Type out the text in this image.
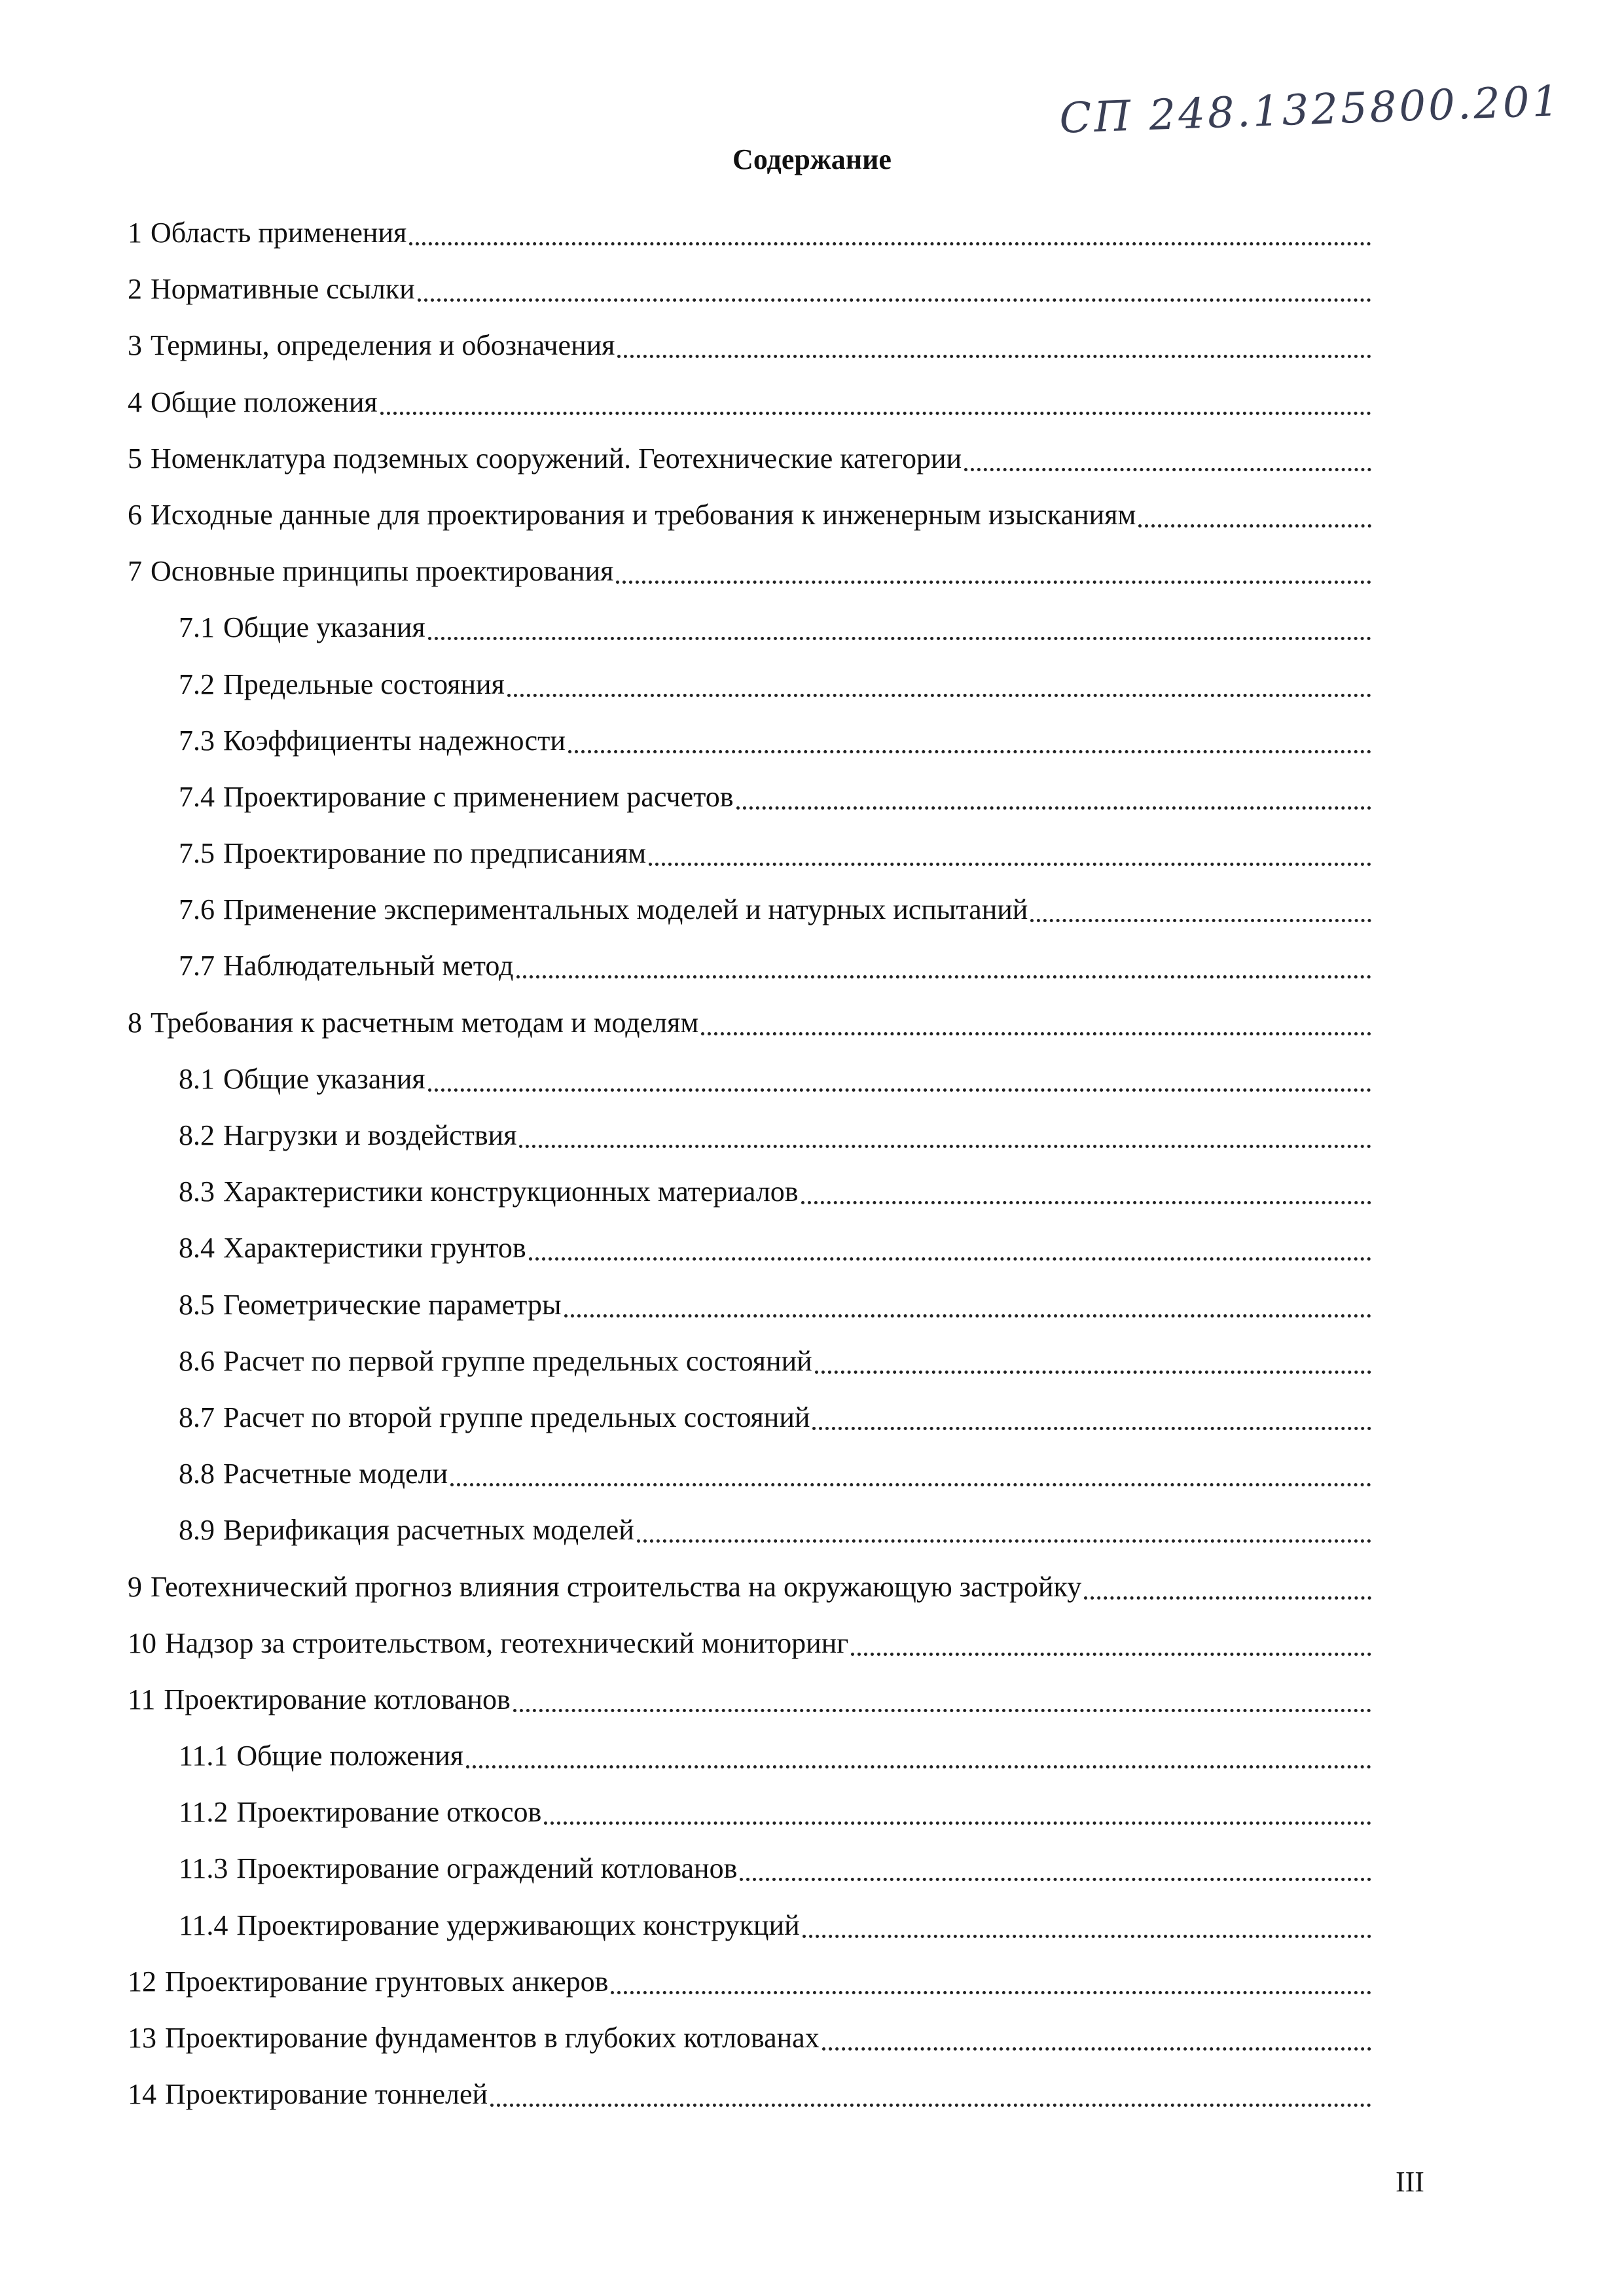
СП 248.1325800.201
Содержание
1 Область применения
2 Нормативные ссылки
3 Термины, определения и обозначения
4 Общие положения
5 Номенклатура подземных сооружений. Геотехнические категории
6 Исходные данные для проектирования и требования к инженерным изысканиям
7 Основные принципы проектирования
7.1 Общие указания
7.2 Предельные состояния
7.3 Коэффициенты надежности
7.4 Проектирование с применением расчетов
7.5 Проектирование по предписаниям
7.6 Применение экспериментальных моделей и натурных испытаний
7.7 Наблюдательный метод
8 Требования к расчетным методам и моделям
8.1 Общие указания
8.2 Нагрузки и воздействия
8.3 Характеристики конструкционных материалов
8.4 Характеристики грунтов
8.5 Геометрические параметры
8.6 Расчет по первой группе предельных состояний
8.7 Расчет по второй группе предельных состояний
8.8 Расчетные модели
8.9 Верификация расчетных моделей
9 Геотехнический прогноз влияния строительства на окружающую застройку
10 Надзор за строительством, геотехнический мониторинг
11 Проектирование котлованов
11.1 Общие положения
11.2 Проектирование откосов
11.3 Проектирование ограждений котлованов
11.4 Проектирование удерживающих конструкций
12 Проектирование грунтовых анкеров
13 Проектирование фундаментов в глубоких котлованах
14 Проектирование тоннелей
III
